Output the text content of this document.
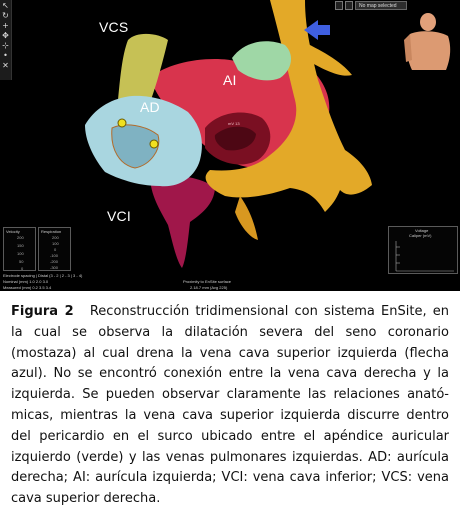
↖
↻
+
✥
⊹
•
✕
No map selected
VCS
AI
AD
VCI
mV 13
Velocity
200
150
100
50
0
Respiration
200
100
0
-100
-200
-300
Electrode spacing | Distal (3 - 2 | 2 - 3 | 3 - 4)
Nominal (mm) 1.0 2.0 3.0
Measured (mm) 0.2 3.5 3.4
Proximity to EnSite surface
2.18.7 mm (Avg 225)
Voltage
Caliper (mV)
Figura 2 Reconstrucción tridimensional con sistema EnSite, en la cual se observa la dilatación severa del seno coronario (mostaza) al cual drena la vena cava superior izquierda (flecha azul). No se encontró conexión entre la vena cava derecha y la izquierda. Se pueden observar claramente las relaciones anatómicas, mientras la vena cava superior izquierda discurre dentro del pericardio en el surco ubicado entre el apéndice auricular izquierdo (verde) y las venas pulmonares izquierdas. AD: aurícula derecha; AI: aurícula izquierda; VCI: vena cava inferior; VCS: vena cava superior derecha.
